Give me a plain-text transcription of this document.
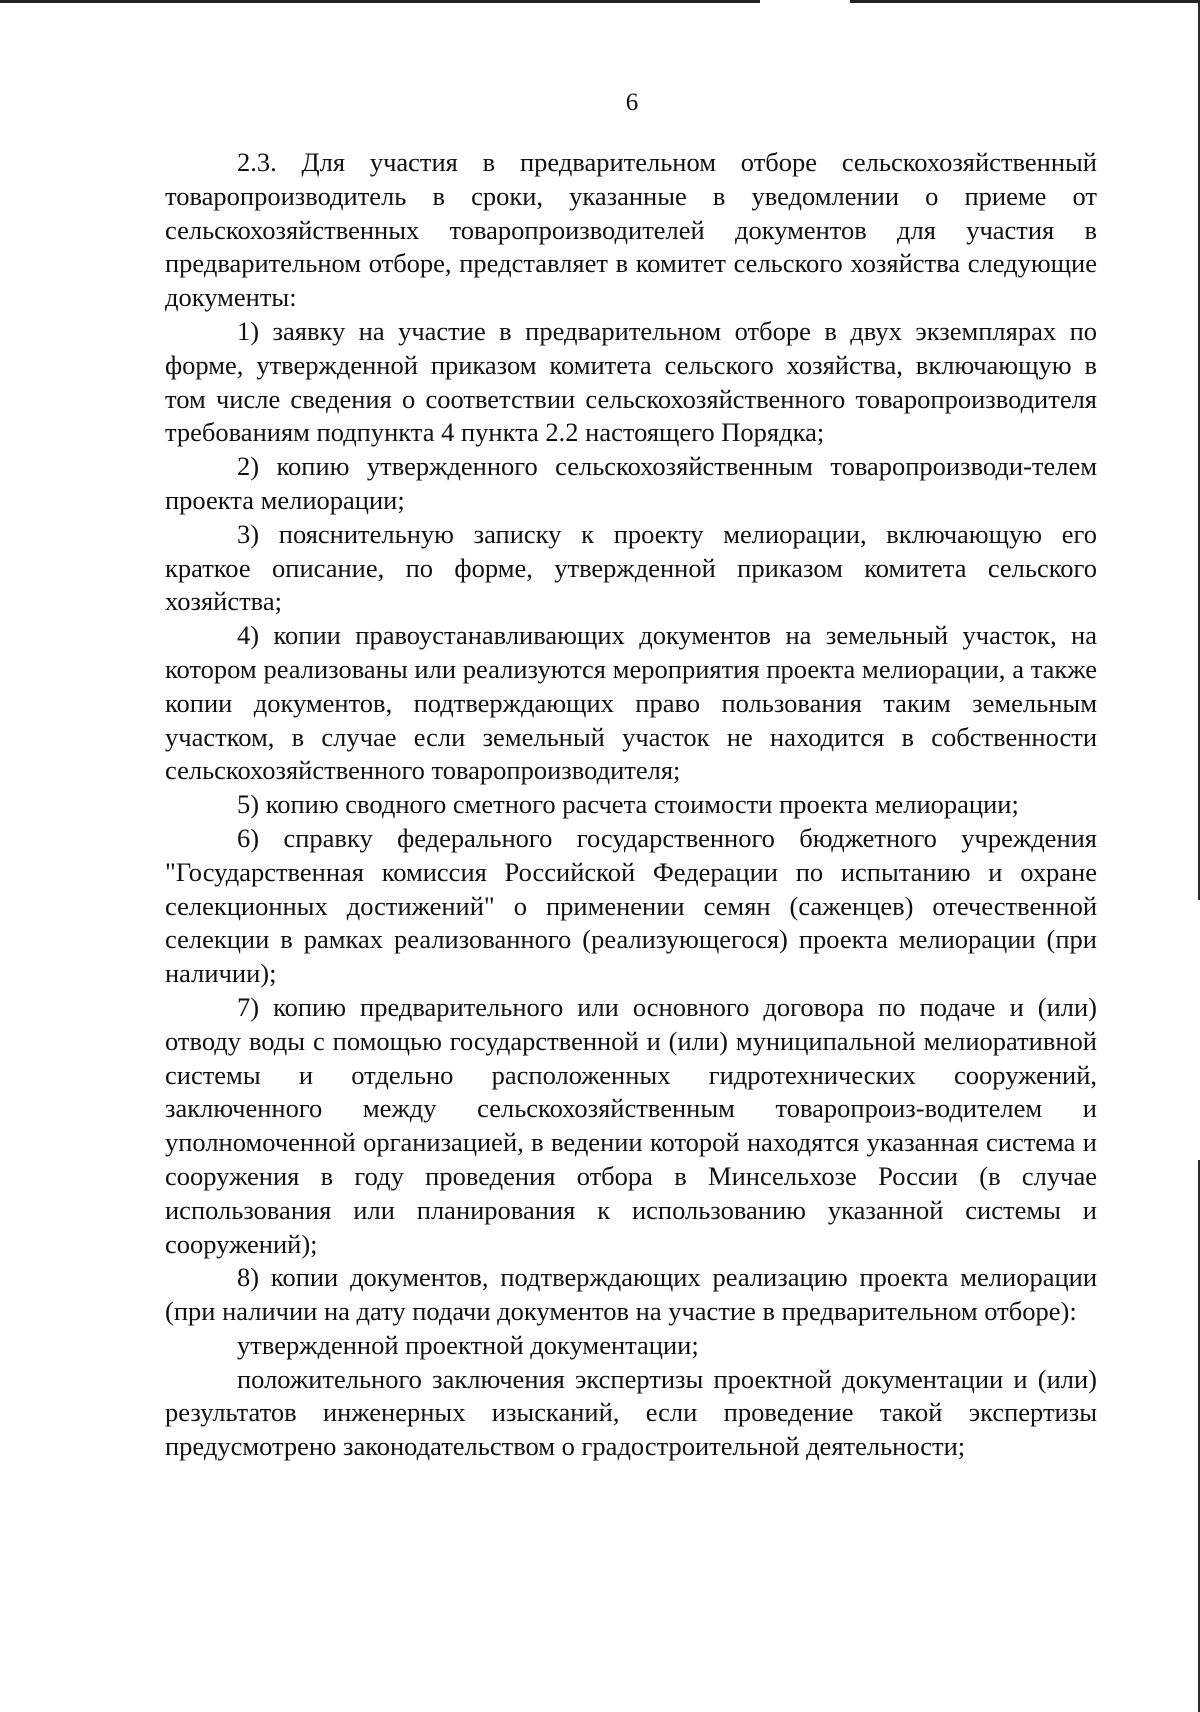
6

2.3. Для участия в предварительном отборе сельскохозяйственный товаропроизводитель в сроки, указанные в уведомлении о приеме от сельскохозяйственных товаропроизводителей документов для участия в предварительном отборе, представляет в комитет сельского хозяйства следующие документы:

1) заявку на участие в предварительном отборе в двух экземплярах по форме, утвержденной приказом комитета сельского хозяйства, включающую в том числе сведения о соответствии сельскохозяйственного товаропроизводителя требованиям подпункта 4 пункта 2.2 настоящего Порядка;

2) копию утвержденного сельскохозяйственным товаропроизводи-телем проекта мелиорации;

3) пояснительную записку к проекту мелиорации, включающую его краткое описание, по форме, утвержденной приказом комитета сельского хозяйства;

4) копии правоустанавливающих документов на земельный участок, на котором реализованы или реализуются мероприятия проекта мелиорации, а также копии документов, подтверждающих право пользования таким земельным участком, в случае если земельный участок не находится в собственности сельскохозяйственного товаропроизводителя;

5) копию сводного сметного расчета стоимости проекта мелиорации;

6) справку федерального государственного бюджетного учреждения "Государственная комиссия Российской Федерации по испытанию и охране селекционных достижений" о применении семян (саженцев) отечественной селекции в рамках реализованного (реализующегося) проекта мелиорации (при наличии);

7) копию предварительного или основного договора по подаче и (или) отводу воды с помощью государственной и (или) муниципальной мелиоративной системы и отдельно расположенных гидротехнических сооружений, заключенного между сельскохозяйственным товаропроиз-водителем и уполномоченной организацией, в ведении которой находятся указанная система и сооружения в году проведения отбора в Минсельхозе России (в случае использования или планирования к использованию указанной системы и сооружений);

8) копии документов, подтверждающих реализацию проекта мелиорации (при наличии на дату подачи документов на участие в предварительном отборе):

утвержденной проектной документации;

положительного заключения экспертизы проектной документации и (или) результатов инженерных изысканий, если проведение такой экспертизы предусмотрено законодательством о градостроительной деятельности;
